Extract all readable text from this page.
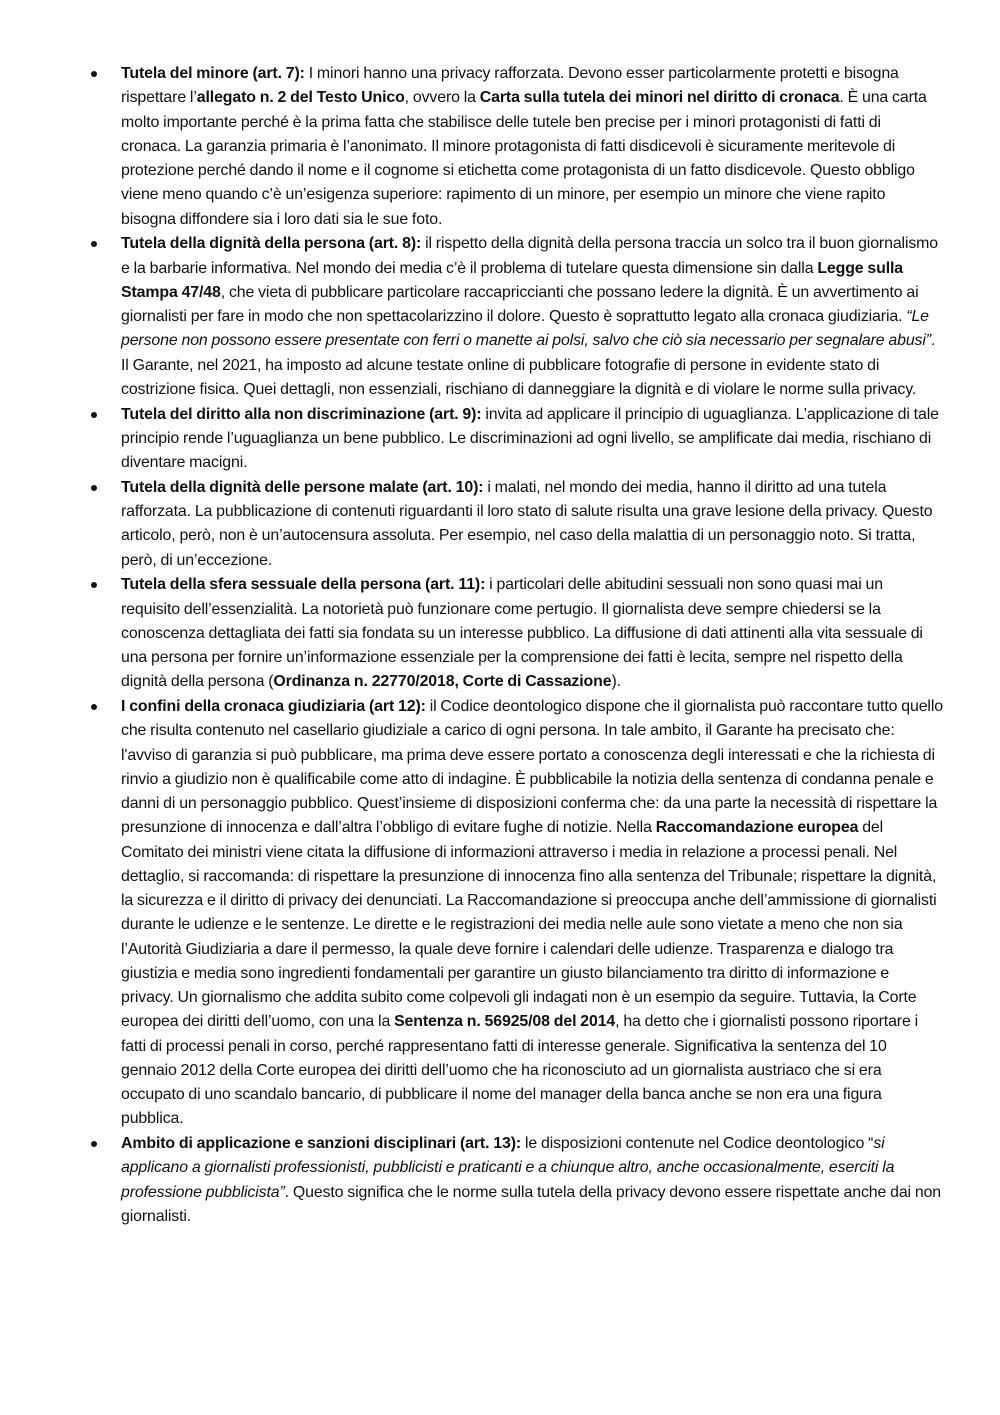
Tutela del minore (art. 7): I minori hanno una privacy rafforzata. Devono esser particolarmente protetti e bisogna rispettare l’allegato n. 2 del Testo Unico, ovvero la Carta sulla tutela dei minori nel diritto di cronaca. È una carta molto importante perché è la prima fatta che stabilisce delle tutele ben precise per i minori protagonisti di fatti di cronaca. La garanzia primaria è l’anonimato. Il minore protagonista di fatti disdicevoli è sicuramente meritevole di protezione perché dando il nome e il cognome si etichetta come protagonista di un fatto disdicevole. Questo obbligo viene meno quando c’è un’esigenza superiore: rapimento di un minore, per esempio un minore che viene rapito bisogna diffondere sia i loro dati sia le sue foto.
Tutela della dignità della persona (art. 8): il rispetto della dignità della persona traccia un solco tra il buon giornalismo e la barbarie informativa. Nel mondo dei media c’è il problema di tutelare questa dimensione sin dalla Legge sulla Stampa 47/48, che vieta di pubblicare particolare raccapriccianti che possano ledere la dignità. È un avvertimento ai giornalisti per fare in modo che non spettacolarizzino il dolore. Questo è soprattutto legato alla cronaca giudiziaria. “Le persone non possono essere presentate con ferri o manette ai polsi, salvo che ciò sia necessario per segnalare abusi”. Il Garante, nel 2021, ha imposto ad alcune testate online di pubblicare fotografie di persone in evidente stato di costrizione fisica. Quei dettagli, non essenziali, rischiano di danneggiare la dignità e di violare le norme sulla privacy.
Tutela del diritto alla non discriminazione (art. 9): invita ad applicare il principio di uguaglianza. L’applicazione di tale principio rende l’uguaglianza un bene pubblico. Le discriminazioni ad ogni livello, se amplificate dai media, rischiano di diventare macigni.
Tutela della dignità delle persone malate (art. 10): i malati, nel mondo dei media, hanno il diritto ad una tutela rafforzata. La pubblicazione di contenuti riguardanti il loro stato di salute risulta una grave lesione della privacy. Questo articolo, però, non è un’autocensura assoluta. Per esempio, nel caso della malattia di un personaggio noto. Si tratta, però, di un’eccezione.
Tutela della sfera sessuale della persona (art. 11): i particolari delle abitudini sessuali non sono quasi mai un requisito dell’essenzialità. La notorietà può funzionare come pertugio. Il giornalista deve sempre chiedersi se la conoscenza dettagliata dei fatti sia fondata su un interesse pubblico. La diffusione di dati attinenti alla vita sessuale di una persona per fornire un’informazione essenziale per la comprensione dei fatti è lecita, sempre nel rispetto della dignità della persona (Ordinanza n. 22770/2018, Corte di Cassazione).
I confini della cronaca giudiziaria (art 12): il Codice deontologico dispone che il giornalista può raccontare tutto quello che risulta contenuto nel casellario giudiziale a carico di ogni persona. In tale ambito, il Garante ha precisato che: l'avviso di garanzia si può pubblicare, ma prima deve essere portato a conoscenza degli interessati e che la richiesta di rinvio a giudizio non è qualificabile come atto di indagine. È pubblicabile la notizia della sentenza di condanna penale e danni di un personaggio pubblico. Quest’insieme di disposizioni conferma che: da una parte la necessità di rispettare la presunzione di innocenza e dall’altra l’obbligo di evitare fughe di notizie. Nella Raccomandazione europea del Comitato dei ministri viene citata la diffusione di informazioni attraverso i media in relazione a processi penali. Nel dettaglio, si raccomanda: di rispettare la presunzione di innocenza fino alla sentenza del Tribunale; rispettare la dignità, la sicurezza e il diritto di privacy dei denunciati. La Raccomandazione si preoccupa anche dell’ammissione di giornalisti durante le udienze e le sentenze. Le dirette e le registrazioni dei media nelle aule sono vietate a meno che non sia l’Autorità Giudiziaria a dare il permesso, la quale deve fornire i calendari delle udienze. Trasparenza e dialogo tra giustizia e media sono ingredienti fondamentali per garantire un giusto bilanciamento tra diritto di informazione e privacy. Un giornalismo che addita subito come colpevoli gli indagati non è un esempio da seguire. Tuttavia, la Corte europea dei diritti dell’uomo, con una la Sentenza n. 56925/08 del 2014, ha detto che i giornalisti possono riportare i fatti di processi penali in corso, perché rappresentano fatti di interesse generale. Significativa la sentenza del 10 gennaio 2012 della Corte europea dei diritti dell’uomo che ha riconosciuto ad un giornalista austriaco che si era occupato di uno scandalo bancario, di pubblicare il nome del manager della banca anche se non era una figura pubblica.
Ambito di applicazione e sanzioni disciplinari (art. 13): le disposizioni contenute nel Codice deontologico “si applicano a giornalisti professionisti, pubblicisti e praticanti e a chiunque altro, anche occasionalmente, eserciti la professione pubblicista”. Questo significa che le norme sulla tutela della privacy devono essere rispettate anche dai non giornalisti.
